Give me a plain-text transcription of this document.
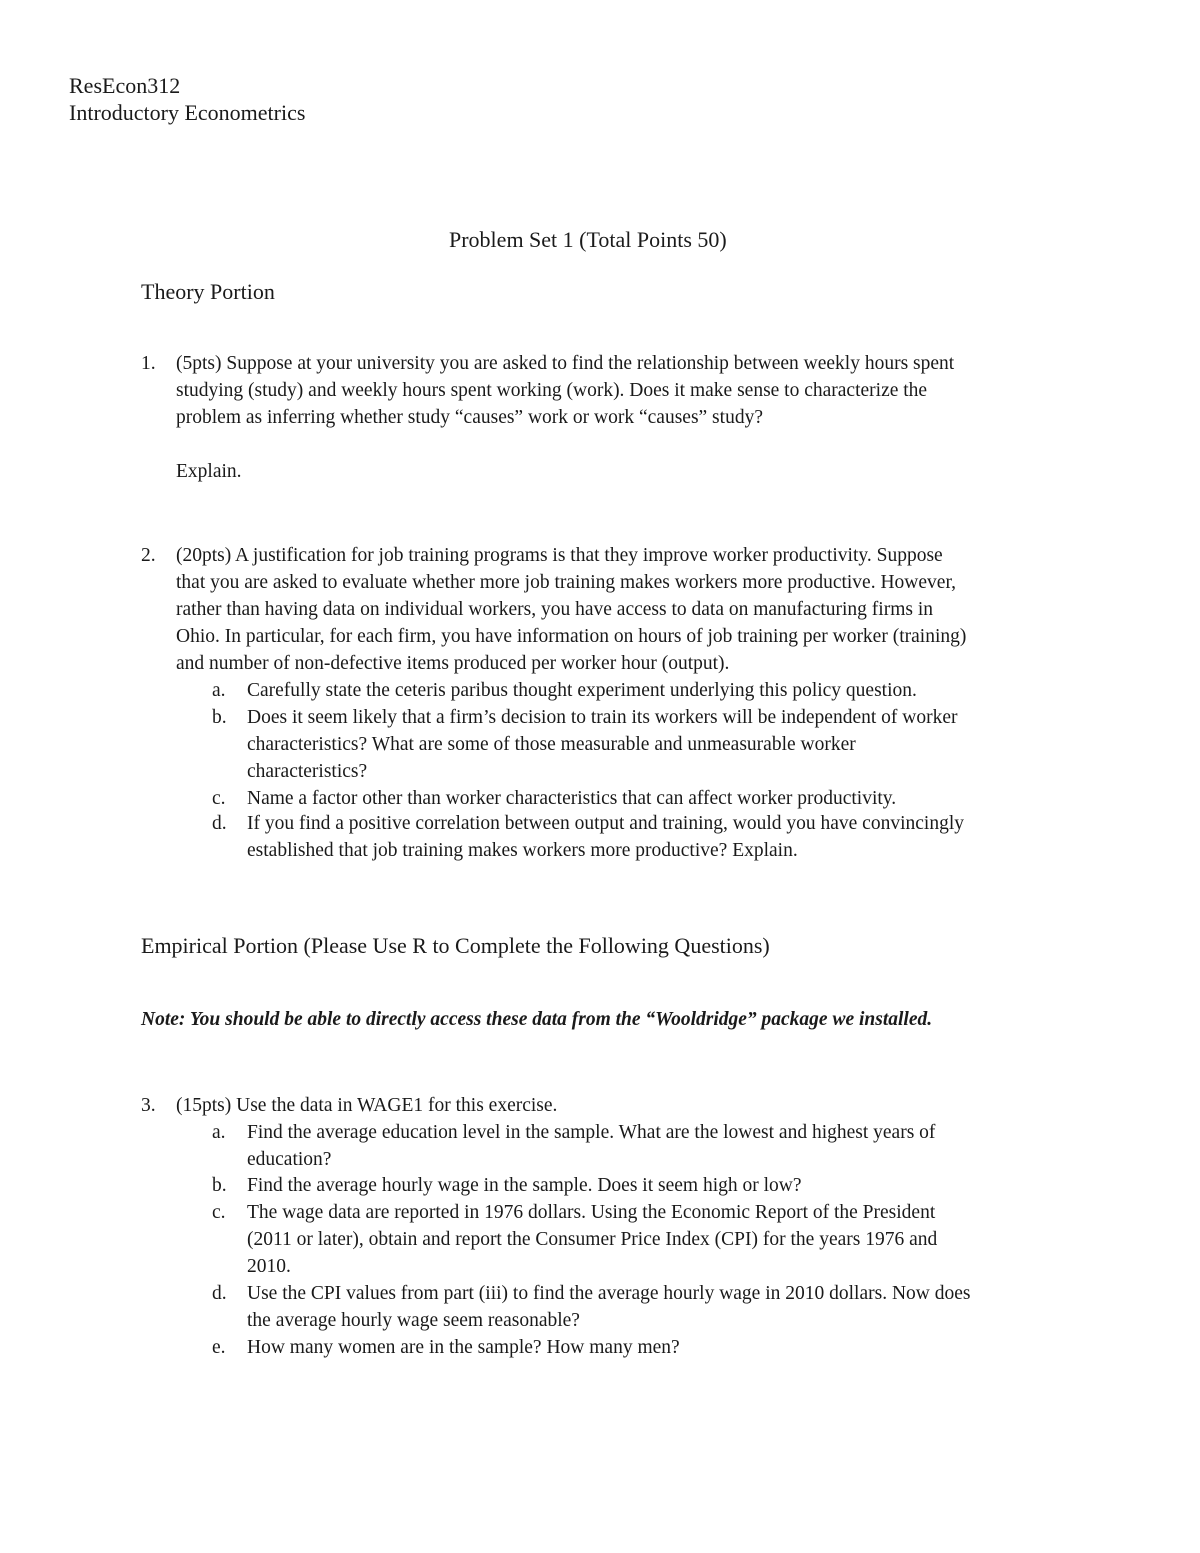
ResEcon312
Introductory Econometrics
Problem Set 1 (Total Points 50)
Theory Portion
1. (5pts) Suppose at your university you are asked to find the relationship between weekly hours spent
studying (study) and weekly hours spent working (work). Does it make sense to characterize the
problem as inferring whether study “causes” work or work “causes” study?
Explain.
2. (20pts) A justification for job training programs is that they improve worker productivity. Suppose
that you are asked to evaluate whether more job training makes workers more productive. However,
rather than having data on individual workers, you have access to data on manufacturing firms in
Ohio. In particular, for each firm, you have information on hours of job training per worker (training)
and number of non-defective items produced per worker hour (output).
a. Carefully state the ceteris paribus thought experiment underlying this policy question.
b. Does it seem likely that a firm’s decision to train its workers will be independent of worker
characteristics? What are some of those measurable and unmeasurable worker
characteristics?
c. Name a factor other than worker characteristics that can affect worker productivity.
d. If you find a positive correlation between output and training, would you have convincingly
established that job training makes workers more productive? Explain.
Empirical Portion (Please Use R to Complete the Following Questions)
Note: You should be able to directly access these data from the “Wooldridge” package we installed.
3. (15pts) Use the data in WAGE1 for this exercise.
a. Find the average education level in the sample. What are the lowest and highest years of
education?
b. Find the average hourly wage in the sample. Does it seem high or low?
c. The wage data are reported in 1976 dollars. Using the Economic Report of the President
(2011 or later), obtain and report the Consumer Price Index (CPI) for the years 1976 and
2010.
d. Use the CPI values from part (iii) to find the average hourly wage in 2010 dollars. Now does
the average hourly wage seem reasonable?
e. How many women are in the sample? How many men?
